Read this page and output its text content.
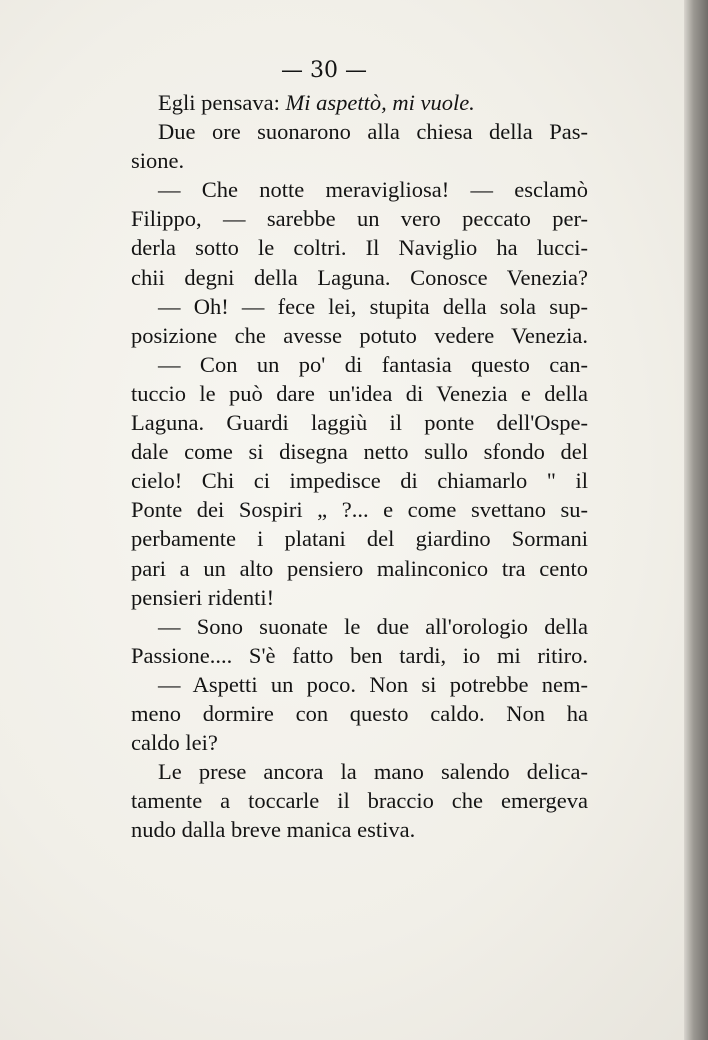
— 30 —
Egli pensava: Mi aspettò, mi vuole.
Due ore suonarono alla chiesa della Pas-
sione.
— Che notte meravigliosa! — esclamò
Filippo, — sarebbe un vero peccato per-
derla sotto le coltri. Il Naviglio ha lucci-
chii degni della Laguna. Conosce Venezia?
— Oh! — fece lei, stupita della sola sup-
posizione che avesse potuto vedere Venezia.
— Con un po' di fantasia questo can-
tuccio le può dare un'idea di Venezia e della
Laguna. Guardi laggiù il ponte dell'Ospe-
dale come si disegna netto sullo sfondo del
cielo! Chi ci impedisce di chiamarlo " il
Ponte dei Sospiri „ ?... e come svettano su-
perbamente i platani del giardino Sormani
pari a un alto pensiero malinconico tra cento
pensieri ridenti!
— Sono suonate le due all'orologio della
Passione.... S'è fatto ben tardi, io mi ritiro.
— Aspetti un poco. Non si potrebbe nem-
meno dormire con questo caldo. Non ha
caldo lei?
Le prese ancora la mano salendo delica-
tamente a toccarle il braccio che emergeva
nudo dalla breve manica estiva.
